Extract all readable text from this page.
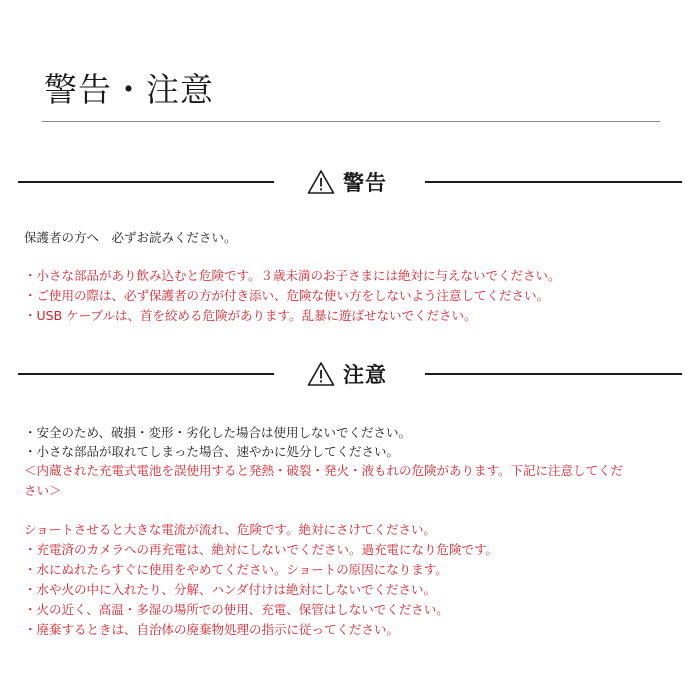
警告・注意
警告
保護者の方へ　必ずお読みください。
・小さな部品があり飲み込むと危険です。３歳未満のお子さまには絶対に与えないでください。
・ご使用の際は、必ず保護者の方が付き添い、危険な使い方をしないよう注意してください。
・USB ケーブルは、首を絞める危険があります。乱暴に遊ばせないでください。
注意
・安全のため、破損・変形・劣化した場合は使用しないでください。
・小さな部品が取れてしまった場合、速やかに処分してください。
＜内蔵された充電式電池を誤使用すると発熱・破裂・発火・液もれの危険があります。下記に注意してくだ
さい＞
ショートさせると大きな電流が流れ、危険です。絶対にさけてください。
・充電済のカメラへの再充電は、絶対にしないでください。過充電になり危険です。
・水にぬれたらすぐに使用をやめてください。ショートの原因になります。
・水や火の中に入れたり、分解、ハンダ付けは絶対にしないでください。
・火の近く、高温・多湿の場所での使用、充電、保管はしないでください。
・廃棄するときは、自治体の廃棄物処理の指示に従ってください。
